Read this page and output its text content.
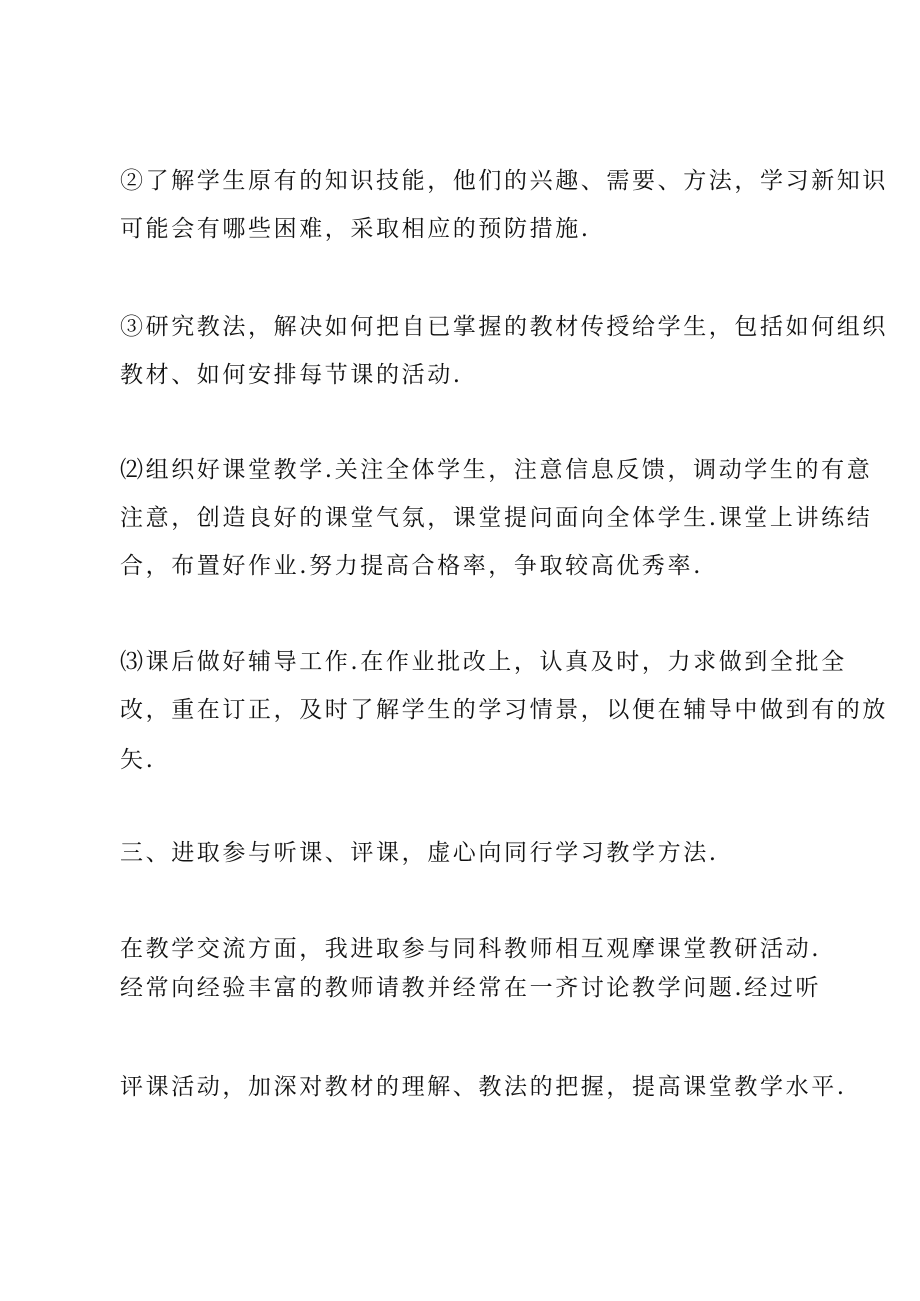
②了解学生原有的知识技能，他们的兴趣、需要、方法，学习新知识

可能会有哪些困难，采取相应的预防措施.

③研究教法，解决如何把自已掌握的教材传授给学生，包括如何组织

教材、如何安排每节课的活动.

⑵组织好课堂教学.关注全体学生，注意信息反馈，调动学生的有意

注意，创造良好的课堂气氛，课堂提问面向全体学生.课堂上讲练结

合，布置好作业.努力提高合格率，争取较高优秀率.

⑶课后做好辅导工作.在作业批改上，认真及时，力求做到全批全

改，重在订正，及时了解学生的学习情景，以便在辅导中做到有的放

矢.

三、进取参与听课、评课，虚心向同行学习教学方法.

在教学交流方面，我进取参与同科教师相互观摩课堂教研活动.

经常向经验丰富的教师请教并经常在一齐讨论教学问题.经过听

评课活动，加深对教材的理解、教法的把握，提高课堂教学水平.
